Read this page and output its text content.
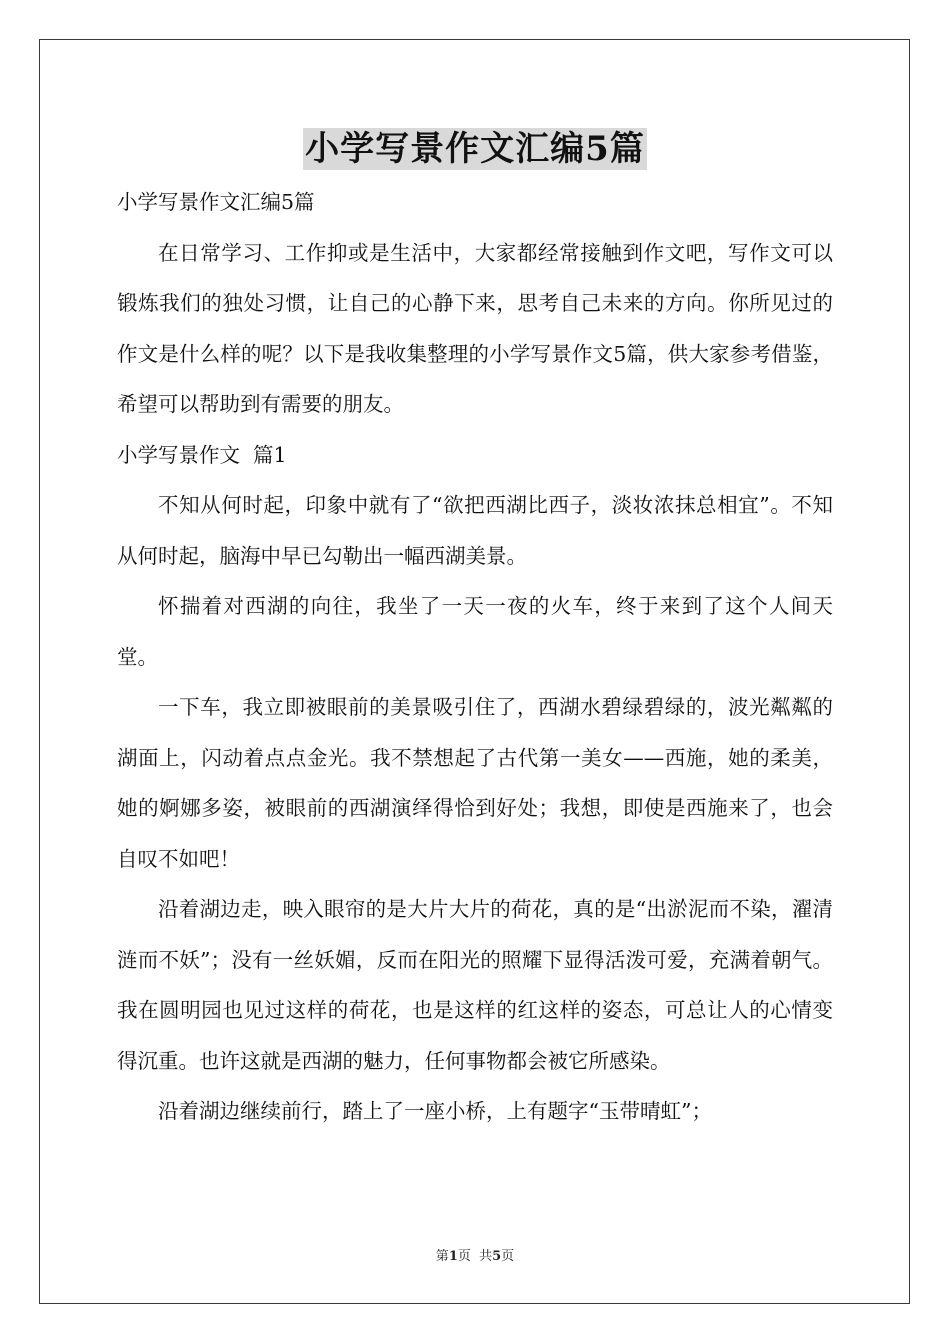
小学写景作文汇编5篇

小学写景作文汇编5篇

在日常学习、工作抑或是生活中，大家都经常接触到作文吧，写作文可以锻炼我们的独处习惯，让自己的心静下来，思考自己未来的方向。你所见过的作文是什么样的呢？以下是我收集整理的小学写景作文5篇，供大家参考借鉴，希望可以帮助到有需要的朋友。

小学写景作文  篇1

不知从何时起，印象中就有了“欲把西湖比西子，淡妆浓抹总相宜”。不知从何时起，脑海中早已勾勒出一幅西湖美景。

怀揣着对西湖的向往，我坐了一天一夜的火车，终于来到了这个人间天堂。

一下车，我立即被眼前的美景吸引住了，西湖水碧绿碧绿的，波光粼粼的湖面上，闪动着点点金光。我不禁想起了古代第一美女——西施，她的柔美，她的婀娜多姿，被眼前的西湖演绎得恰到好处；我想，即使是西施来了，也会自叹不如吧！

沿着湖边走，映入眼帘的是大片大片的荷花，真的是“出淤泥而不染，濯清涟而不妖”；没有一丝妖媚，反而在阳光的照耀下显得活泼可爱，充满着朝气。我在圆明园也见过这样的荷花，也是这样的红这样的姿态，可总让人的心情变得沉重。也许这就是西湖的魅力，任何事物都会被它所感染。

沿着湖边继续前行，踏上了一座小桥，上有题字“玉带晴虹”；

第1页  共5页
